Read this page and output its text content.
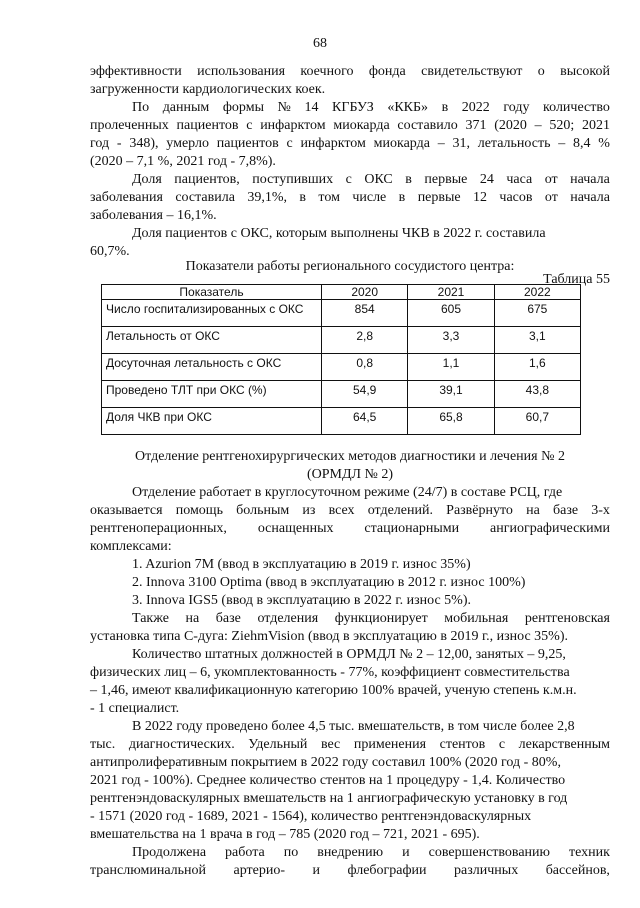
68
эффективности использования коечного фонда свидетельствуют о высокой
загруженности кардиологических коек.
По данным формы № 14 КГБУЗ «ККБ» в 2022 году количество
пролеченных пациентов с инфарктом миокарда составило 371 (2020 – 520; 2021
год - 348), умерло пациентов с инфарктом миокарда – 31, летальность – 8,4 %
(2020 – 7,1 %, 2021 год - 7,8%).
Доля пациентов, поступивших с ОКС в первые 24 часа от начала
заболевания составила 39,1%, в том числе в первые 12 часов от начала
заболевания – 16,1%.
Доля пациентов с ОКС, которым выполнены ЧКВ в 2022 г. составила
60,7%.
Показатели работы регионального сосудистого центра:
Таблица 55
Отделение рентгенохирургических методов диагностики и лечения № 2
(ОРМДЛ № 2)
Отделение работает в круглосуточном режиме (24/7) в составе РСЦ, где
оказывается помощь больным из всех отделений. Развёрнуто на базе 3-х
рентгеноперационных, оснащенных стационарными ангиографическими
комплексами:
1. Azurion 7M (ввод в эксплуатацию в 2019 г. износ 35%)
2. Innova 3100 Optima (ввод в эксплуатацию в 2012 г. износ 100%)
3. Innova IGS5 (ввод в эксплуатацию в 2022 г. износ 5%).
Также на базе отделения функционирует мобильная рентгеновская
установка типа С-дуга: ZiehmVision (ввод в эксплуатацию в 2019 г., износ 35%).
Количество штатных должностей в ОРМДЛ № 2 – 12,00, занятых – 9,25,
физических лиц – 6, укомплектованность - 77%, коэффициент совместительства
– 1,46, имеют квалификационную категорию 100% врачей, ученую степень к.м.н.
- 1 специалист.
В 2022 году проведено более 4,5 тыс. вмешательств, в том числе более 2,8
тыс. диагностических. Удельный вес применения стентов с лекарственным
антипролиферативным покрытием в 2022 году составил 100% (2020 год - 80%,
2021 год - 100%). Среднее количество стентов на 1 процедуру - 1,4. Количество
рентгенэндоваскулярных вмешательств на 1 ангиографическую установку в год
- 1571 (2020 год - 1689, 2021 - 1564), количество рентгенэндоваскулярных
вмешательства на 1 врача в год – 785 (2020 год – 721, 2021 - 695).
Продолжена работа по внедрению и совершенствованию техник
транслюминальной артерио- и флебографии различных бассейнов,
Показатель	2020	2021	2022
Число госпитализированных с ОКС	854	605	675
Летальность от ОКС	2,8	3,3	3,1
Досуточная летальность с ОКС	0,8	1,1	1,6
Проведено ТЛТ при ОКС (%)	54,9	39,1	43,8
Доля ЧКВ при ОКС	64,5	65,8	60,7
